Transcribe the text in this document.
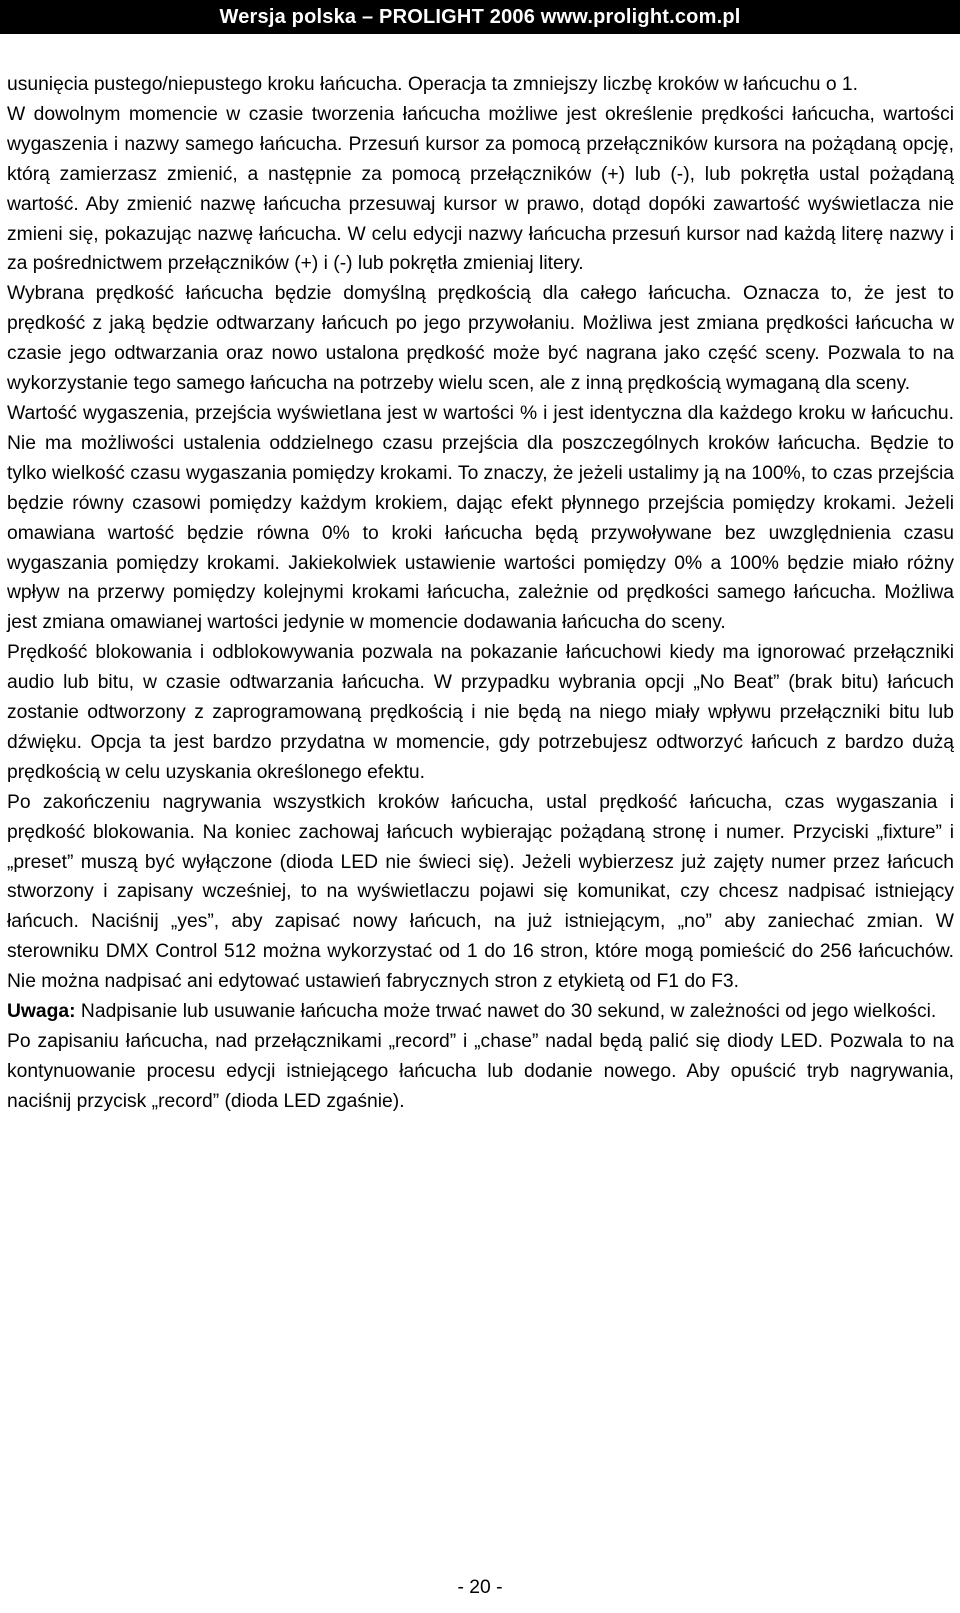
Wersja polska – PROLIGHT 2006 www.prolight.com.pl

usunięcia pustego/niepustego kroku łańcucha. Operacja ta zmniejszy liczbę kroków w łańcuchu o 1.

W dowolnym momencie w czasie tworzenia łańcucha możliwe jest określenie prędkości łańcucha, wartości wygaszenia i nazwy samego łańcucha. Przesuń kursor za pomocą przełączników kursora na pożądaną opcję, którą zamierzasz zmienić, a następnie za pomocą przełączników (+) lub (-), lub pokrętła ustal pożądaną wartość. Aby zmienić nazwę łańcucha przesuwaj kursor w prawo, dotąd dopóki zawartość wyświetlacza nie zmieni się, pokazując nazwę łańcucha. W celu edycji nazwy łańcucha przesuń kursor nad każdą literę nazwy i za pośrednictwem przełączników (+) i (-) lub pokrętła zmieniaj litery.

Wybrana prędkość łańcucha będzie domyślną prędkością dla całego łańcucha. Oznacza to, że jest to prędkość z jaką będzie odtwarzany łańcuch po jego przywołaniu. Możliwa jest zmiana prędkości łańcucha w czasie jego odtwarzania oraz nowo ustalona prędkość może być nagrana jako część sceny. Pozwala to na wykorzystanie tego samego łańcucha na potrzeby wielu scen, ale z inną prędkością wymaganą dla sceny.

Wartość wygaszenia, przejścia wyświetlana jest w wartości % i jest identyczna dla każdego kroku w łańcuchu. Nie ma możliwości ustalenia oddzielnego czasu przejścia dla poszczególnych kroków łańcucha. Będzie to tylko wielkość czasu wygaszania pomiędzy krokami. To znaczy, że jeżeli ustalimy ją na 100%, to czas przejścia będzie równy czasowi pomiędzy każdym krokiem, dając efekt płynnego przejścia pomiędzy krokami. Jeżeli omawiana wartość będzie równa 0% to kroki łańcucha będą przywoływane bez uwzględnienia czasu wygaszania pomiędzy krokami. Jakiekolwiek ustawienie wartości pomiędzy 0% a 100% będzie miało różny wpływ na przerwy pomiędzy kolejnymi krokami łańcucha, zależnie od prędkości samego łańcucha. Możliwa jest zmiana omawianej wartości jedynie w momencie dodawania łańcucha do sceny.

Prędkość blokowania i odblokowywania pozwala na pokazanie łańcuchowi kiedy ma ignorować przełączniki audio lub bitu, w czasie odtwarzania łańcucha. W przypadku wybrania opcji „No Beat” (brak bitu) łańcuch zostanie odtworzony z zaprogramowaną prędkością i nie będą na niego miały wpływu przełączniki bitu lub dźwięku. Opcja ta jest bardzo przydatna w momencie, gdy potrzebujesz odtworzyć łańcuch z bardzo dużą prędkością w celu uzyskania określonego efektu.

Po zakończeniu nagrywania wszystkich kroków łańcucha, ustal prędkość łańcucha, czas wygaszania i prędkość blokowania. Na koniec zachowaj łańcuch wybierając pożądaną stronę i numer. Przyciski „fixture” i „preset” muszą być wyłączone (dioda LED nie świeci się). Jeżeli wybierzesz już zajęty numer przez łańcuch stworzony i zapisany wcześniej, to na wyświetlaczu pojawi się komunikat, czy chcesz nadpisać istniejący łańcuch. Naciśnij „yes”, aby zapisać nowy łańcuch, na już istniejącym, „no” aby zaniechać zmian. W sterowniku DMX Control 512 można wykorzystać od 1 do 16 stron, które mogą pomieścić do 256 łańcuchów. Nie można nadpisać ani edytować ustawień fabrycznych stron z etykietą od F1 do F3.

Uwaga: Nadpisanie lub usuwanie łańcucha może trwać nawet do 30 sekund, w zależności od jego wielkości.

Po zapisaniu łańcucha, nad przełącznikami „record” i „chase” nadal będą palić się diody LED. Pozwala to na kontynuowanie procesu edycji istniejącego łańcucha lub dodanie nowego. Aby opuścić tryb nagrywania, naciśnij przycisk „record” (dioda LED zgaśnie).

- 20 -
